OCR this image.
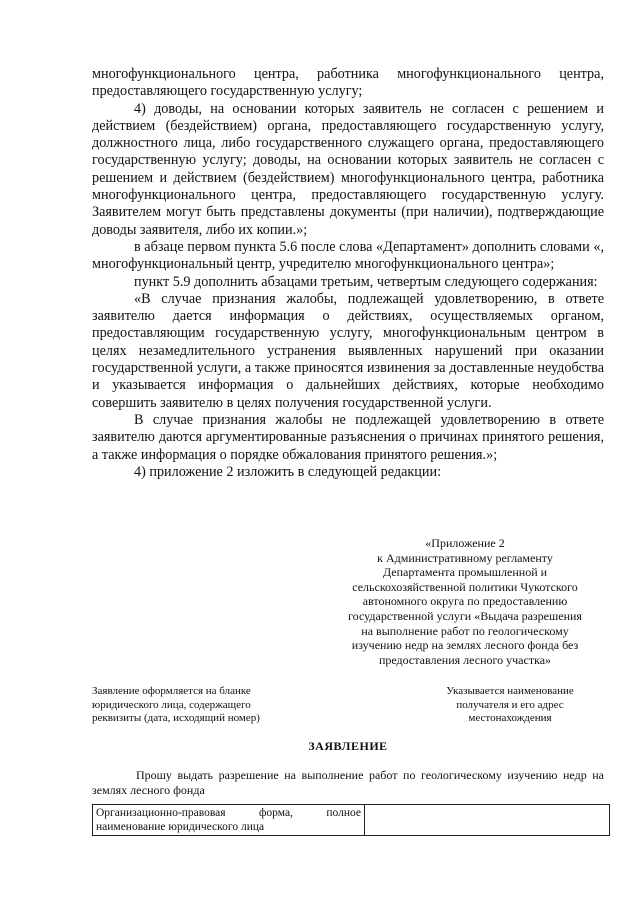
многофункционального центра, работника многофункционального центра, предоставляющего государственную услугу;

4) доводы, на основании которых заявитель не согласен с решением и действием (бездействием) органа, предоставляющего государственную услугу, должностного лица, либо государственного служащего органа, предоставляющего государственную услугу; доводы, на основании которых заявитель не согласен с решением и действием (бездействием) многофункционального центра, работника многофункционального центра, предоставляющего государственную услугу. Заявителем могут быть представлены документы (при наличии), подтверждающие доводы заявителя, либо их копии.»;

в абзаце первом пункта 5.6 после слова «Департамент» дополнить словами «, многофункциональный центр, учредителю многофункционального центра»;

пункт 5.9 дополнить абзацами третьим, четвертым следующего содержания:

«В случае признания жалобы, подлежащей удовлетворению, в ответе заявителю дается информация о действиях, осуществляемых органом, предоставляющим государственную услугу, многофункциональным центром в целях незамедлительного устранения выявленных нарушений при оказании государственной услуги, а также приносятся извинения за доставленные неудобства и указывается информация о дальнейших действиях, которые необходимо совершить заявителю в целях получения государственной услуги.

В случае признания жалобы не подлежащей удовлетворению в ответе заявителю даются аргументированные разъяснения о причинах принятого решения, а также информация о порядке обжалования принятого решения.»;

4) приложение 2 изложить в следующей редакции:

«Приложение 2
к Административному регламенту
Департамента промышленной и
сельскохозяйственной политики Чукотского
автономного округа по предоставлению
государственной услуги «Выдача разрешения
на выполнение работ по геологическому
изучению недр на землях лесного фонда без
предоставления лесного участка»
Заявление оформляется на бланке
юридического лица, содержащего
реквизиты (дата, исходящий номер)
Указывается наименование
получателя и его адрес
местонахождения
ЗАЯВЛЕНИЕ
Прошу выдать разрешение на выполнение работ по геологическому изучению недр на землях лесного фонда
Организационно-правовая форма, полное наименование юридического лица	
